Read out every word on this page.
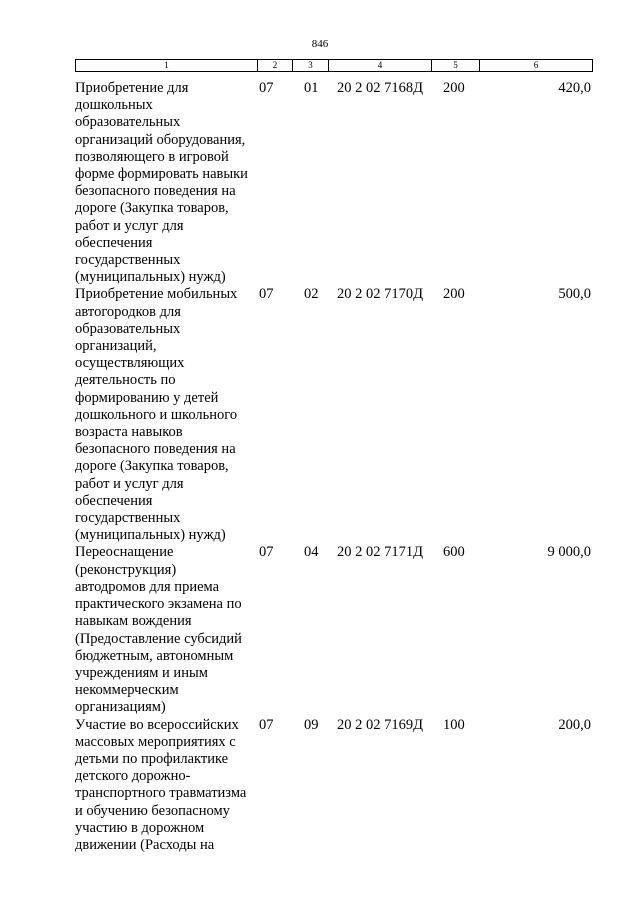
846
1	2	3	4	5	6
Приобретение для
дошкольных
образовательных
организаций оборудования,
позволяющего в игровой
форме формировать навыки
безопасного поведения на
дороге (Закупка товаров,
работ и услуг для
обеспечения
государственных
(муниципальных) нужд)
07	01	20 2 02 7168Д	200	420,0
Приобретение мобильных
автогородков для
образовательных
организаций,
осуществляющих
деятельность по
формированию у детей
дошкольного и школьного
возраста навыков
безопасного поведения на
дороге (Закупка товаров,
работ и услуг для
обеспечения
государственных
(муниципальных) нужд)
07	02	20 2 02 7170Д	200	500,0
Переоснащение
(реконструкция)
автодромов для приема
практического экзамена по
навыкам вождения
(Предоставление субсидий
бюджетным, автономным
учреждениям и иным
некоммерческим
организациям)
07	04	20 2 02 7171Д	600	9 000,0
Участие во всероссийских
массовых мероприятиях с
детьми по профилактике
детского дорожно-
транспортного травматизма
и обучению безопасному
участию в дорожном
движении (Расходы на
07	09	20 2 02 7169Д	100	200,0
